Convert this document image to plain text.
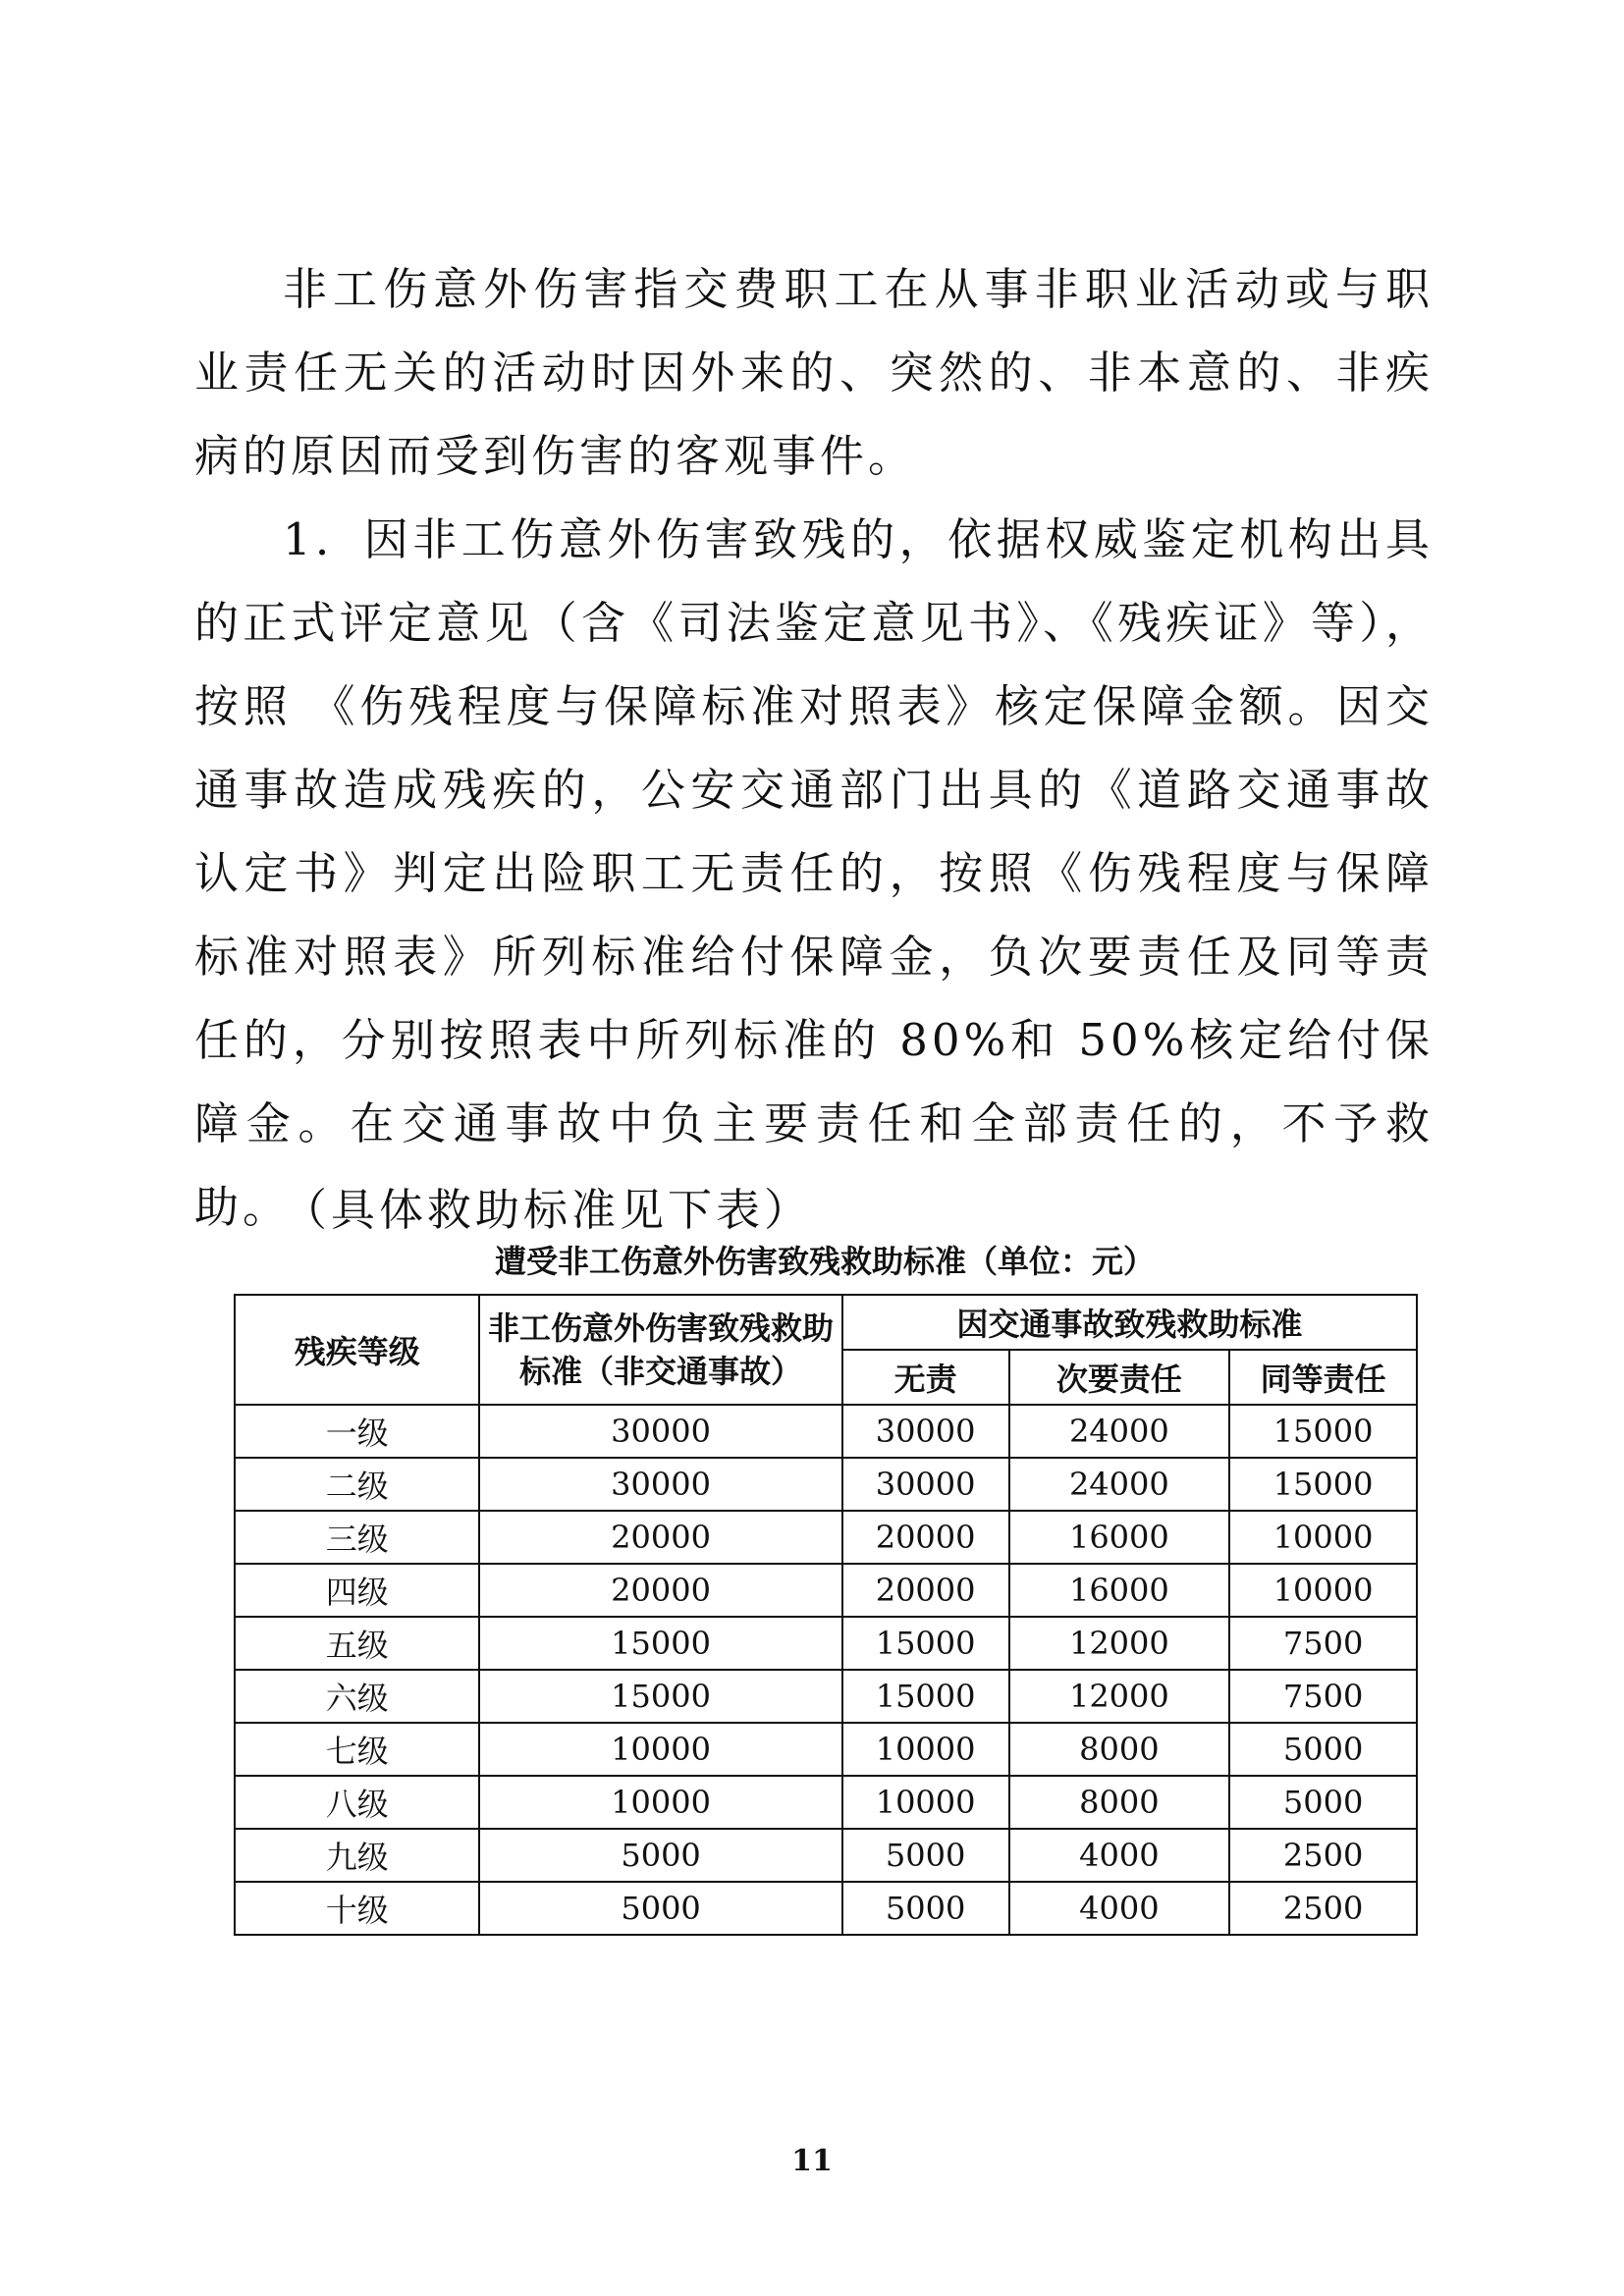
非工伤意外伤害指交费职工在从事非职业活动或与职业责任无关的活动时因外来的、突然的、非本意的、非疾病的原因而受到伤害的客观事件。

1．因非工伤意外伤害致残的，依据权威鉴定机构出具的正式评定意见（含《司法鉴定意见书》、《残疾证》等），按照 《伤残程度与保障标准对照表》核定保障金额。因交通事故造成残疾的，公安交通部门出具的《道路交通事故认定书》判定出险职工无责任的，按照《伤残程度与保障标准对照表》所列标准给付保障金，负次要责任及同等责任的，分别按照表中所列标准的 80%和 50%核定给付保障金。在交通事故中负主要责任和全部责任的，不予救助。

（具体救助标准见下表）

遭受非工伤意外伤害致残救助标准（单位：元）

残疾等级	非工伤意外伤害致残救助标准（非交通事故）	因交通事故致残救助标准		
		无责	次要责任	同等责任
一级	30000	30000	24000	15000
二级	30000	30000	24000	15000
三级	20000	20000	16000	10000
四级	20000	20000	16000	10000
五级	15000	15000	12000	7500
六级	15000	15000	12000	7500
七级	10000	10000	8000	5000
八级	10000	10000	8000	5000
九级	5000	5000	4000	2500
十级	5000	5000	4000	2500

11
